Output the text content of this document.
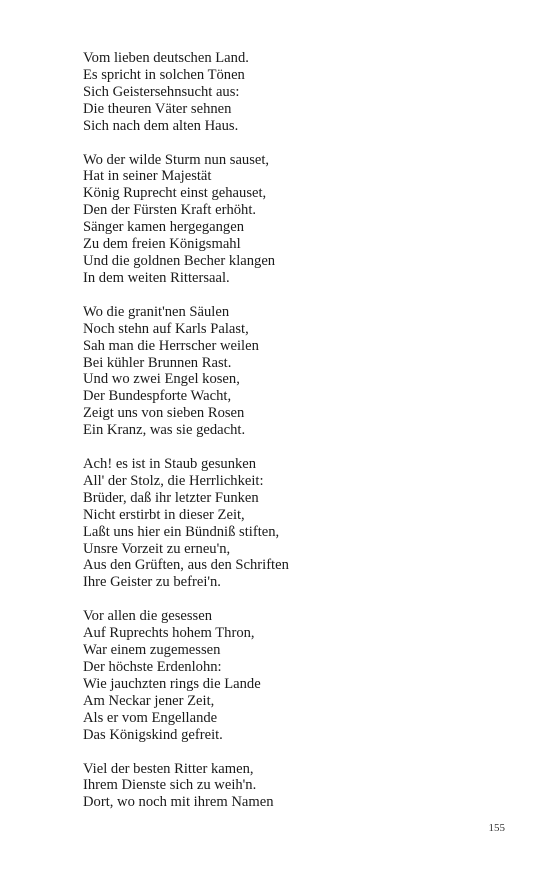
Vom lieben deutschen Land.
Es spricht in solchen Tönen
Sich Geistersehnsucht aus:
Die theuren Väter sehnen
Sich nach dem alten Haus.
Wo der wilde Sturm nun sauset,
Hat in seiner Majestät
König Ruprecht einst gehauset,
Den der Fürsten Kraft erhöht.
Sänger kamen hergegangen
Zu dem freien Königsmahl
Und die goldnen Becher klangen
In dem weiten Rittersaal.
Wo die granit'nen Säulen
Noch stehn auf Karls Palast,
Sah man die Herrscher weilen
Bei kühler Brunnen Rast.
Und wo zwei Engel kosen,
Der Bundespforte Wacht,
Zeigt uns von sieben Rosen
Ein Kranz, was sie gedacht.
Ach! es ist in Staub gesunken
All' der Stolz, die Herrlichkeit:
Brüder, daß ihr letzter Funken
Nicht erstirbt in dieser Zeit,
Laßt uns hier ein Bündniß stiften,
Unsre Vorzeit zu erneu'n,
Aus den Grüften, aus den Schriften
Ihre Geister zu befrei'n.
Vor allen die gesessen
Auf Ruprechts hohem Thron,
War einem zugemessen
Der höchste Erdenlohn:
Wie jauchzten rings die Lande
Am Neckar jener Zeit,
Als er vom Engellande
Das Königskind gefreit.
Viel der besten Ritter kamen,
Ihrem Dienste sich zu weih'n.
Dort, wo noch mit ihrem Namen
155
